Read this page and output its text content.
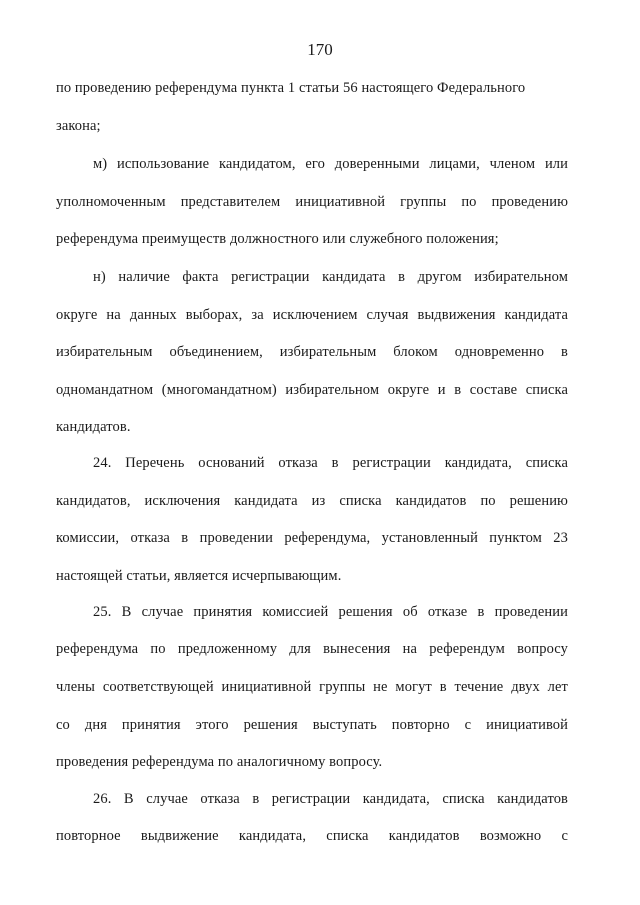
170
по проведению референдума пункта 1 статьи 56 настоящего Федерального
закона;
м) использование кандидатом, его доверенными лицами, членом или
уполномоченным представителем инициативной группы по проведению
референдума преимуществ должностного или служебного положения;
н) наличие факта регистрации кандидата в другом избирательном
округе на данных выборах, за исключением случая выдвижения кандидата
избирательным объединением, избирательным блоком одновременно в
одномандатном (многомандатном) избирательном округе и в составе списка
кандидатов.
24. Перечень оснований отказа в регистрации кандидата, списка
кандидатов, исключения кандидата из списка кандидатов по решению
комиссии, отказа в проведении референдума, установленный пунктом 23
настоящей статьи, является исчерпывающим.
25. В случае принятия комиссией решения об отказе в проведении
референдума по предложенному для вынесения на референдум вопросу
члены соответствующей инициативной группы не могут в течение двух лет
со дня принятия этого решения выступать повторно с инициативой
проведения референдума по аналогичному вопросу.
26. В случае отказа в регистрации кандидата, списка кандидатов
повторное выдвижение кандидата, списка кандидатов возможно с
